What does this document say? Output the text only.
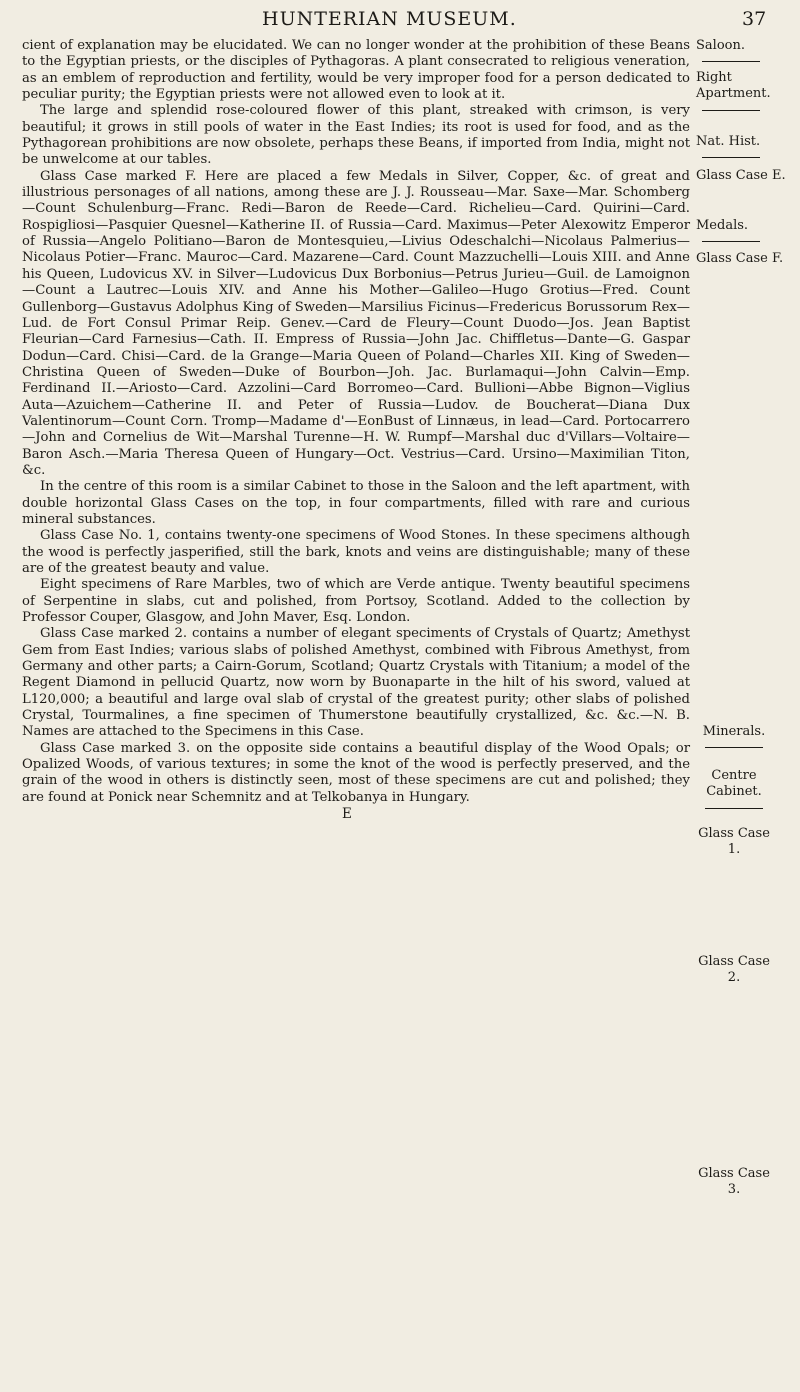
HUNTERIAN MUSEUM.	37

cient of explanation may be elucidated. We can no longer wonder at the prohibition of these Beans to the Egyptian priests, or the disciples of Pythagoras. A plant consecrated to religious veneration, as an emblem of reproduction and fertility, would be very improper food for a person dedicated to peculiar purity; the Egyptian priests were not allowed even to look at it.

The large and splendid rose-coloured flower of this plant, streaked with crimson, is very beautiful; it grows in still pools of water in the East Indies; its root is used for food, and as the Pythagorean prohibitions are now obsolete, perhaps these Beans, if imported from India, might not be unwelcome at our tables.

Glass Case marked F. Here are placed a few Medals in Silver, Copper, &c. of great and illustrious personages of all nations, among these are J. J. Rousseau—Mar. Saxe—Mar. Schomberg—Count Schulenburg—Franc. Redi—Baron de Reede—Card. Richelieu—Card. Quirini—Card. Rospigliosi—Pasquier Quesnel—Katherine II. of Russia—Card. Maximus—Peter Alexowitz Emperor of Russia—Angelo Politiano—Baron de Montesquieu,—Livius Odeschalchi—Nicolaus Palmerius—Nicolaus Potier—Franc. Mauroc—Card. Mazarene—Card. Count Mazzuchelli—Louis XIII. and Anne his Queen, Ludovicus XV. in Silver—Ludovicus Dux Borbonius—Petrus Jurieu—Guil. de Lamoignon—Count a Lautrec—Louis XIV. and Anne his Mother—Galileo—Hugo Grotius—Fred. Count Gullenborg—Gustavus Adolphus King of Sweden—Marsilius Ficinus—Fredericus Borussorum Rex—Lud. de Fort Consul Primar Reip. Genev.—Card de Fleury—Count Duodo—Jos. Jean Baptist Fleurian—Card Farnesius—Cath. II. Empress of Russia—John Jac. Chiffletus—Dante—G. Gaspar Dodun—Card. Chisi—Card. de la Grange—Maria Queen of Poland—Charles XII. King of Sweden—Christina Queen of Sweden—Duke of Bourbon—Joh. Jac. Burlamaqui—John Calvin—Emp. Ferdinand II.—Ariosto—Card. Azzolini—Card Borromeo—Card. Bullioni—Abbe Bignon—Viglius Auta—Azuichem—Catherine II. and Peter of Russia—Ludov. de Boucherat—Diana Dux Valentinorum—Count Corn. Tromp—Madame d'—EonBust of Linnæus, in lead—Card. Portocarrero—John and Cornelius de Wit—Marshal Turenne—H. W. Rumpf—Marshal duc d'Villars—Voltaire—Baron Asch.—Maria Theresa Queen of Hungary—Oct. Vestrius—Card. Ursino—Maximilian Titon, &c.

In the centre of this room is a similar Cabinet to those in the Saloon and the left apartment, with double horizontal Glass Cases on the top, in four compartments, filled with rare and curious mineral substances.

Glass Case No. 1, contains twenty-one specimens of Wood Stones. In these specimens although the wood is perfectly jasperified, still the bark, knots and veins are distinguishable; many of these are of the greatest beauty and value.

Eight specimens of Rare Marbles, two of which are Verde antique. Twenty beautiful specimens of Serpentine in slabs, cut and polished, from Portsoy, Scotland. Added to the collection by Professor Couper, Glasgow, and John Maver, Esq. London.

Glass Case marked 2. contains a number of elegant speciments of Crystals of Quartz; Amethyst Gem from East Indies; various slabs of polished Amethyst, combined with Fibrous Amethyst, from Germany and other parts; a Cairn-Gorum, Scotland; Quartz Crystals with Titanium; a model of the Regent Diamond in pellucid Quartz, now worn by Buonaparte in the hilt of his sword, valued at L120,000; a beautiful and large oval slab of crystal of the greatest purity; other slabs of polished Crystal, Tourmalines, a fine specimen of Thumerstone beautifully crystallized, &c. &c.—N. B. Names are attached to the Specimens in this Case.

Glass Case marked 3. on the opposite side contains a beautiful display of the Wood Opals; or Opalized Woods, of various textures; in some the knot of the wood is perfectly preserved, and the grain of the wood in others is distinctly seen, most of these specimens are cut and polished; they are found at Ponick near Schemnitz and at Telkobanya in Hungary.

E
Saloon.
Right Apartment.
Nat. Hist.
Glass Case E.
Medals.
Glass Case F.
Minerals.
Centre Cabinet.
Glass Case 1.
Glass Case 2.
Glass Case 3.
